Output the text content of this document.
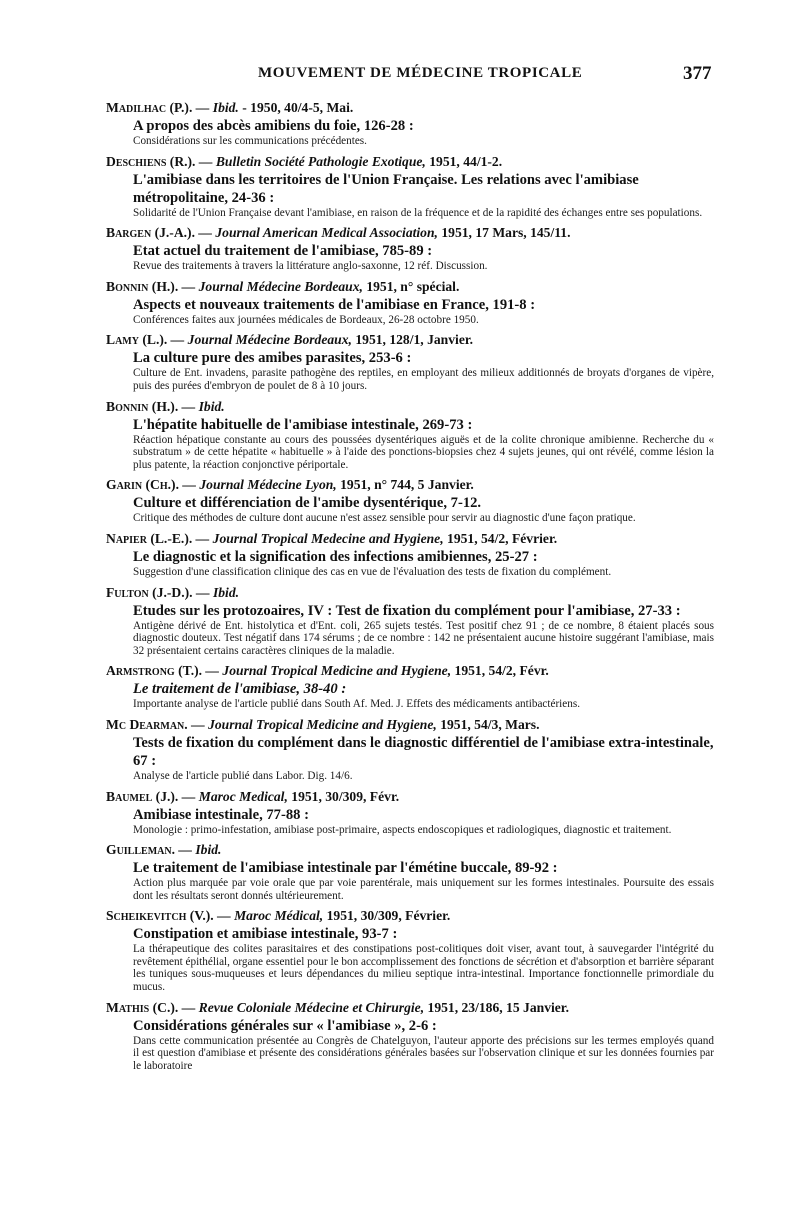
MOUVEMENT DE MÉDECINE TROPICALE	377
Madilhac (P.). — Ibid. - 1950, 40/4-5, Mai.
A propos des abcès amibiens du foie, 126-28 :
Considérations sur les communications précédentes.
Deschiens (R.). — Bulletin Société Pathologie Exotique, 1951, 44/1-2.
L'amibiase dans les territoires de l'Union Française. Les relations avec l'amibiase métropolitaine, 24-36 :
Solidarité de l'Union Française devant l'amibiase, en raison de la fréquence et de la rapidité des échanges entre ses populations.
Bargen (J.-A.). — Journal American Medical Association, 1951, 17 Mars, 145/11.
Etat actuel du traitement de l'amibiase, 785-89 :
Revue des traitements à travers la littérature anglo-saxonne, 12 réf. Discussion.
Bonnin (H.). — Journal Médecine Bordeaux, 1951, n° spécial.
Aspects et nouveaux traitements de l'amibiase en France, 191-8 :
Conférences faites aux journées médicales de Bordeaux, 26-28 octobre 1950.
Lamy (L.). — Journal Médecine Bordeaux, 1951, 128/1, Janvier.
La culture pure des amibes parasites, 253-6 :
Culture de Ent. invadens, parasite pathogène des reptiles, en employant des milieux additionnés de broyats d'organes de vipère, puis des purées d'embryon de poulet de 8 à 10 jours.
Bonnin (H.). — Ibid.
L'hépatite habituelle de l'amibiase intestinale, 269-73 :
Réaction hépatique constante au cours des poussées dysentériques aiguës et de la colite chronique amibienne. Recherche du « substratum » de cette hépatite « habituelle » à l'aide des ponctions-biopsies chez 4 sujets jeunes, qui ont révélé, comme lésion la plus patente, la réaction conjonctive périportale.
Garin (Ch.). — Journal Médecine Lyon, 1951, n° 744, 5 Janvier.
Culture et différenciation de l'amibe dysentérique, 7-12.
Critique des méthodes de culture dont aucune n'est assez sensible pour servir au diagnostic d'une façon pratique.
Napier (L.-E.). — Journal Tropical Medecine and Hygiene, 1951, 54/2, Février.
Le diagnostic et la signification des infections amibiennes, 25-27 :
Suggestion d'une classification clinique des cas en vue de l'évaluation des tests de fixation du complément.
Fulton (J.-D.). — Ibid.
Etudes sur les protozoaires, IV : Test de fixation du complément pour l'amibiase, 27-33 :
Antigène dérivé de Ent. histolytica et d'Ent. coli, 265 sujets testés. Test positif chez 91 ; de ce nombre, 8 étaient placés sous diagnostic douteux. Test négatif dans 174 sérums ; de ce nombre : 142 ne présentaient aucune histoire suggérant l'amibiase, mais 32 présentaient certains caractères cliniques de la maladie.
Armstrong (T.). — Journal Tropical Medicine and Hygiene, 1951, 54/2, Févr.
Le traitement de l'amibiase, 38-40 :
Importante analyse de l'article publié dans South Af. Med. J. Effets des médicaments antibactériens.
Mc Dearman. — Journal Tropical Medicine and Hygiene, 1951, 54/3, Mars.
Tests de fixation du complément dans le diagnostic différentiel de l'amibiase extra-intestinale, 67 :
Analyse de l'article publié dans Labor. Dig. 14/6.
Baumel (J.). — Maroc Medical, 1951, 30/309, Févr.
Amibiase intestinale, 77-88 :
Monologie : primo-infestation, amibiase post-primaire, aspects endoscopiques et radiologiques, diagnostic et traitement.
Guilleman. — Ibid.
Le traitement de l'amibiase intestinale par l'émétine buccale, 89-92 :
Action plus marquée par voie orale que par voie parentérale, mais uniquement sur les formes intestinales. Poursuite des essais dont les résultats seront donnés ultérieurement.
Scheikevitch (V.). — Maroc Médical, 1951, 30/309, Février.
Constipation et amibiase intestinale, 93-7 :
La thérapeutique des colites parasitaires et des constipations post-colitiques doit viser, avant tout, à sauvegarder l'intégrité du revêtement épithélial, organe essentiel pour le bon accomplissement des fonctions de sécrétion et d'absorption et barrière séparant les tuniques sous-muqueuses et leurs dépendances du milieu septique intra-intestinal. Importance fonctionnelle primordiale du mucus.
Mathis (C.). — Revue Coloniale Médecine et Chirurgie, 1951, 23/186, 15 Janvier.
Considérations générales sur « l'amibiase », 2-6 :
Dans cette communication présentée au Congrès de Chatelguyon, l'auteur apporte des précisions sur les termes employés quand il est question d'amibiase et présente des considérations générales basées sur l'observation clinique et sur les données fournies par le laboratoire
